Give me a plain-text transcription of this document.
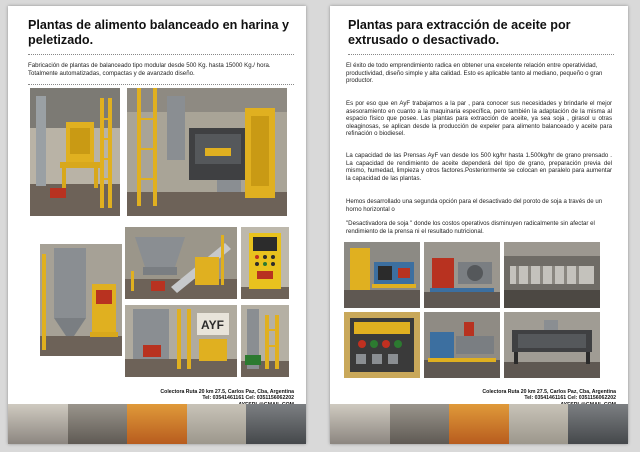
Plantas de alimento balanceado en harina y peletizado.

Fabricación de plantas de balanceado tipo modular desde 500 Kg. hasta 15000 Kg./ hora. Totalmente automatizadas, compactas y de avanzado diseño.

AYF
Colectora Ruta 20 km 27.5, Carlos Paz, Cba, Argentina
Tel: 03541461161 Cel: 0351156062202
Plantas para extracción de aceite por extrusado o desactivado.

El éxito de todo emprendimiento radica en obtener una excelente relación entre operatividad, productividad, diseño simple y alta calidad. Esto es aplicable tanto al mediano, pequeño o gran productor.

Es por eso que en AyF trabajamos a la par , para conocer sus necesidades y brindarle el mejor asesoramiento en cuanto a la maquinaria específica, pero también la adaptación de la misma al espacio físico que posee. Las plantas para extracción de aceite, ya sea soja , girasol u otras oleaginosas, se aplican desde la producción de expeler para alimento balanceado y aceite para refinación o biodiesel.

La capacidad de las Prensas AyF van desde los 500 kg/hr hasta 1.500kg/hr de grano prensado . La capacidad de rendimiento de aceite dependerá del tipo de grano, preparación previa del mismo, humedad, limpieza y otros factores.Posteriormente se colocan en paralelo para aumentar la capacidad de las plantas.

Hemos desarrollado una segunda opción para el desactivado del poroto de soja a través de un horno horizontal o

"Desactivadora de soja " donde los costos operativos disminuyen radicalmente sin afectar el rendimiento de la prensa ni el resultado nutricional.

Colectora Ruta 20 km 27.5, Carlos Paz, Cba, Argentina
Tel: 03541461161 Cel: 0351156062202
